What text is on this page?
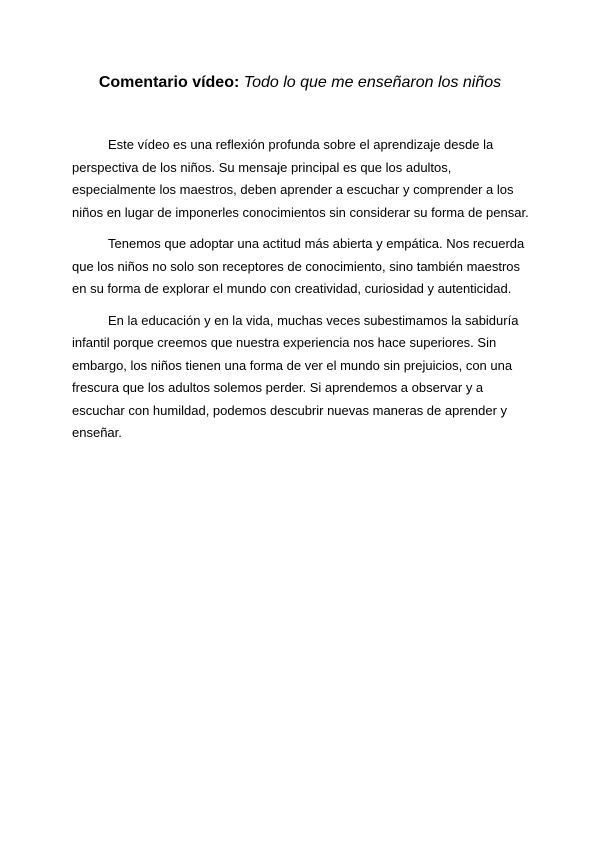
Comentario vídeo: Todo lo que me enseñaron los niños

Este vídeo es una reflexión profunda sobre el aprendizaje desde la perspectiva de los niños. Su mensaje principal es que los adultos, especialmente los maestros, deben aprender a escuchar y comprender a los niños en lugar de imponerles conocimientos sin considerar su forma de pensar.

Tenemos que adoptar una actitud más abierta y empática. Nos recuerda que los niños no solo son receptores de conocimiento, sino también maestros en su forma de explorar el mundo con creatividad, curiosidad y autenticidad.

En la educación y en la vida, muchas veces subestimamos la sabiduría infantil porque creemos que nuestra experiencia nos hace superiores. Sin embargo, los niños tienen una forma de ver el mundo sin prejuicios, con una frescura que los adultos solemos perder. Si aprendemos a observar y a escuchar con humildad, podemos descubrir nuevas maneras de aprender y enseñar.
